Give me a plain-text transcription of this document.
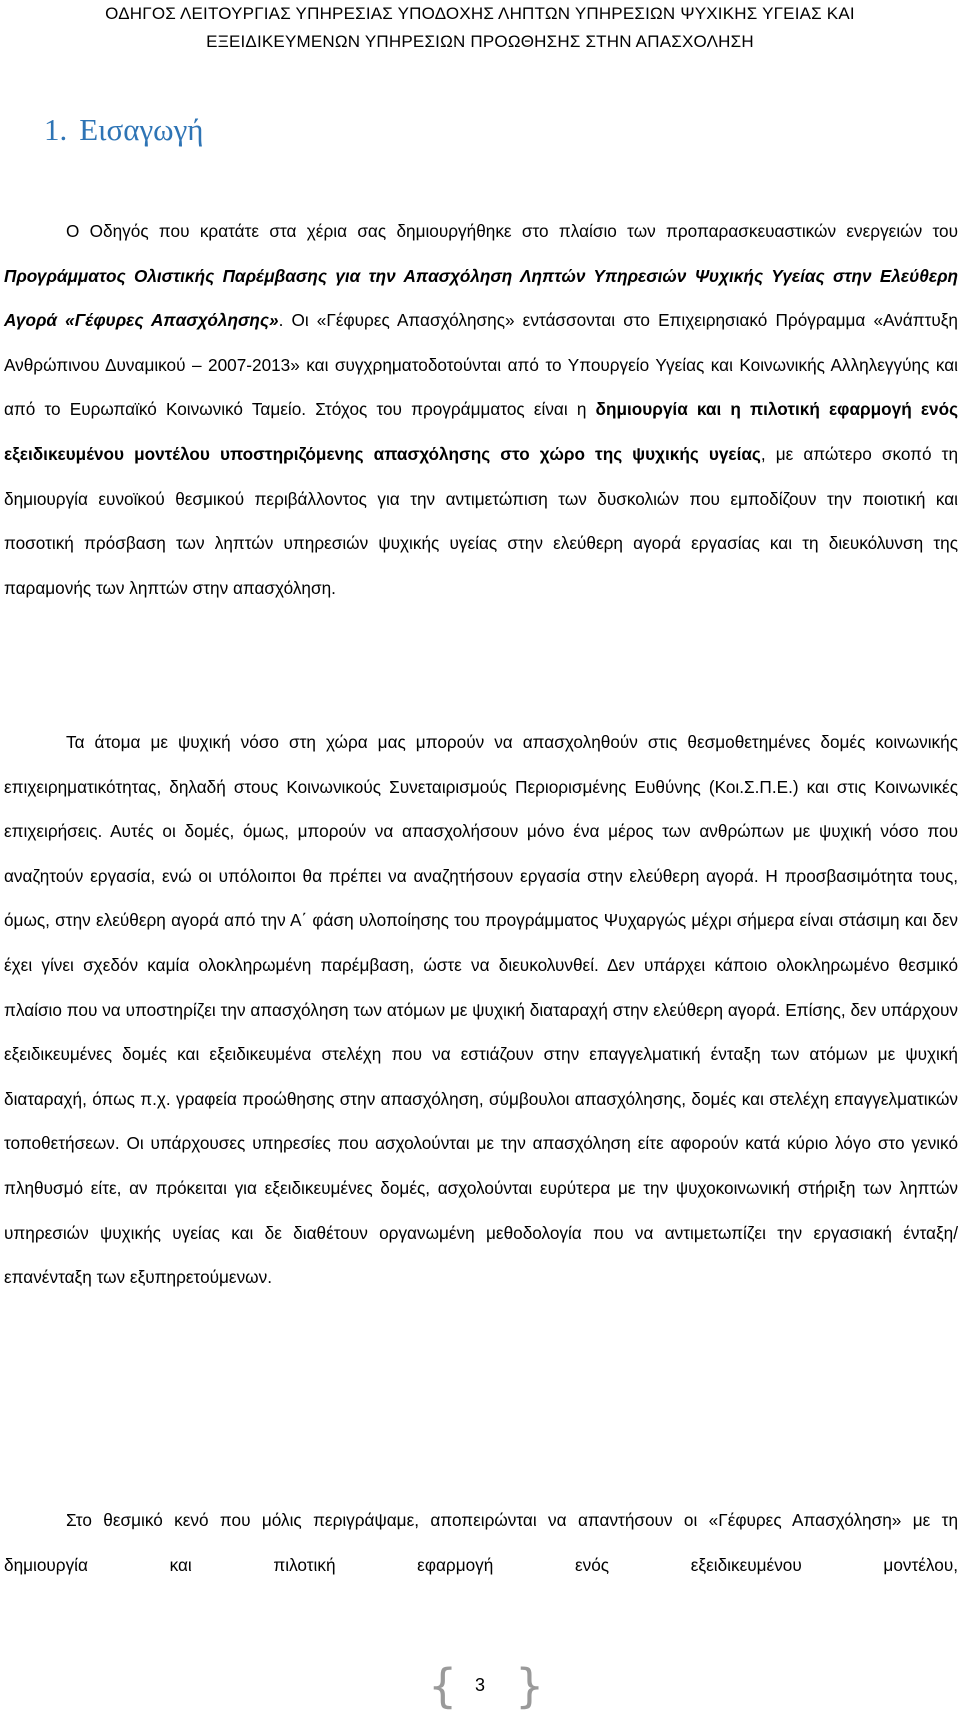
ΟΔΗΓΟΣ ΛΕΙΤΟΥΡΓΙΑΣ ΥΠΗΡΕΣΙΑΣ ΥΠΟΔΟΧΗΣ ΛΗΠΤΩΝ ΥΠΗΡΕΣΙΩΝ ΨΥΧΙΚΗΣ ΥΓΕΙΑΣ ΚΑΙ
ΕΞΕΙΔΙΚΕΥΜΕΝΩΝ ΥΠΗΡΕΣΙΩΝ ΠΡΟΩΘΗΣΗΣ ΣΤΗΝ ΑΠΑΣΧΟΛΗΣΗ
1. Εισαγωγή

Ο Οδηγός που κρατάτε στα χέρια σας δημιουργήθηκε στο πλαίσιο των προπαρασκευαστικών ενεργειών του Προγράμματος Ολιστικής Παρέμβασης για την Απασχόληση Ληπτών Υπηρεσιών Ψυχικής Υγείας στην Ελεύθερη Αγορά «Γέφυρες Απασχόλησης». Οι «Γέφυρες Απασχόλησης» εντάσσονται στο Επιχειρησιακό Πρόγραμμα «Ανάπτυξη Ανθρώπινου Δυναμικού – 2007-2013» και συγχρηματοδοτούνται από το Υπουργείο Υγείας και Κοινωνικής Αλληλεγγύης και από το Ευρωπαϊκό Κοινωνικό Ταμείο. Στόχος του προγράμματος είναι η δημιουργία και η πιλοτική εφαρμογή ενός εξειδικευμένου μοντέλου υποστηριζόμενης απασχόλησης στο χώρο της ψυχικής υγείας, με απώτερο σκοπό τη δημιουργία ευνοϊκού θεσμικού περιβάλλοντος για την αντιμετώπιση των δυσκολιών που εμποδίζουν την ποιοτική και ποσοτική πρόσβαση των ληπτών υπηρεσιών ψυχικής υγείας στην ελεύθερη αγορά εργασίας και τη διευκόλυνση της παραμονής των ληπτών στην απασχόληση.

Τα άτομα με ψυχική νόσο στη χώρα μας μπορούν να απασχοληθούν στις θεσμοθετημένες δομές κοινωνικής επιχειρηματικότητας, δηλαδή στους Κοινωνικούς Συνεταιρισμούς Περιορισμένης Ευθύνης (Κοι.Σ.Π.Ε.) και στις Κοινωνικές επιχειρήσεις. Αυτές οι δομές, όμως, μπορούν να απασχολήσουν μόνο ένα μέρος των ανθρώπων με ψυχική νόσο που αναζητούν εργασία, ενώ οι υπόλοιποι θα πρέπει να αναζητήσουν εργασία στην ελεύθερη αγορά. Η προσβασιμότητα τους, όμως, στην ελεύθερη αγορά από την Α΄ φάση υλοποίησης του προγράμματος Ψυχαργώς μέχρι σήμερα είναι στάσιμη και δεν έχει γίνει σχεδόν καμία ολοκληρωμένη παρέμβαση, ώστε να διευκολυνθεί. Δεν υπάρχει κάποιο ολοκληρωμένο θεσμικό πλαίσιο που να υποστηρίζει την απασχόληση των ατόμων με ψυχική διαταραχή στην ελεύθερη αγορά. Επίσης, δεν υπάρχουν εξειδικευμένες δομές και εξειδικευμένα στελέχη που να εστιάζουν στην επαγγελματική ένταξη των ατόμων με ψυχική διαταραχή, όπως π.χ. γραφεία προώθησης στην απασχόληση, σύμβουλοι απασχόλησης, δομές και στελέχη επαγγελματικών τοποθετήσεων. Οι υπάρχουσες υπηρεσίες που ασχολούνται με την απασχόληση είτε αφορούν κατά κύριο λόγο στο γενικό πληθυσμό είτε, αν πρόκειται για εξειδικευμένες δομές, ασχολούνται ευρύτερα με την ψυχοκοινωνική στήριξη των ληπτών υπηρεσιών ψυχικής υγείας και δε διαθέτουν οργανωμένη μεθοδολογία που να αντιμετωπίζει την εργασιακή ένταξη/επανένταξη των εξυπηρετούμενων.

Στο θεσμικό κενό που μόλις περιγράψαμε, αποπειρώνται να απαντήσουν οι «Γέφυρες Απασχόληση» με τη δημιουργία και πιλοτική εφαρμογή ενός εξειδικευμένου μοντέλου,

{ 3 }
